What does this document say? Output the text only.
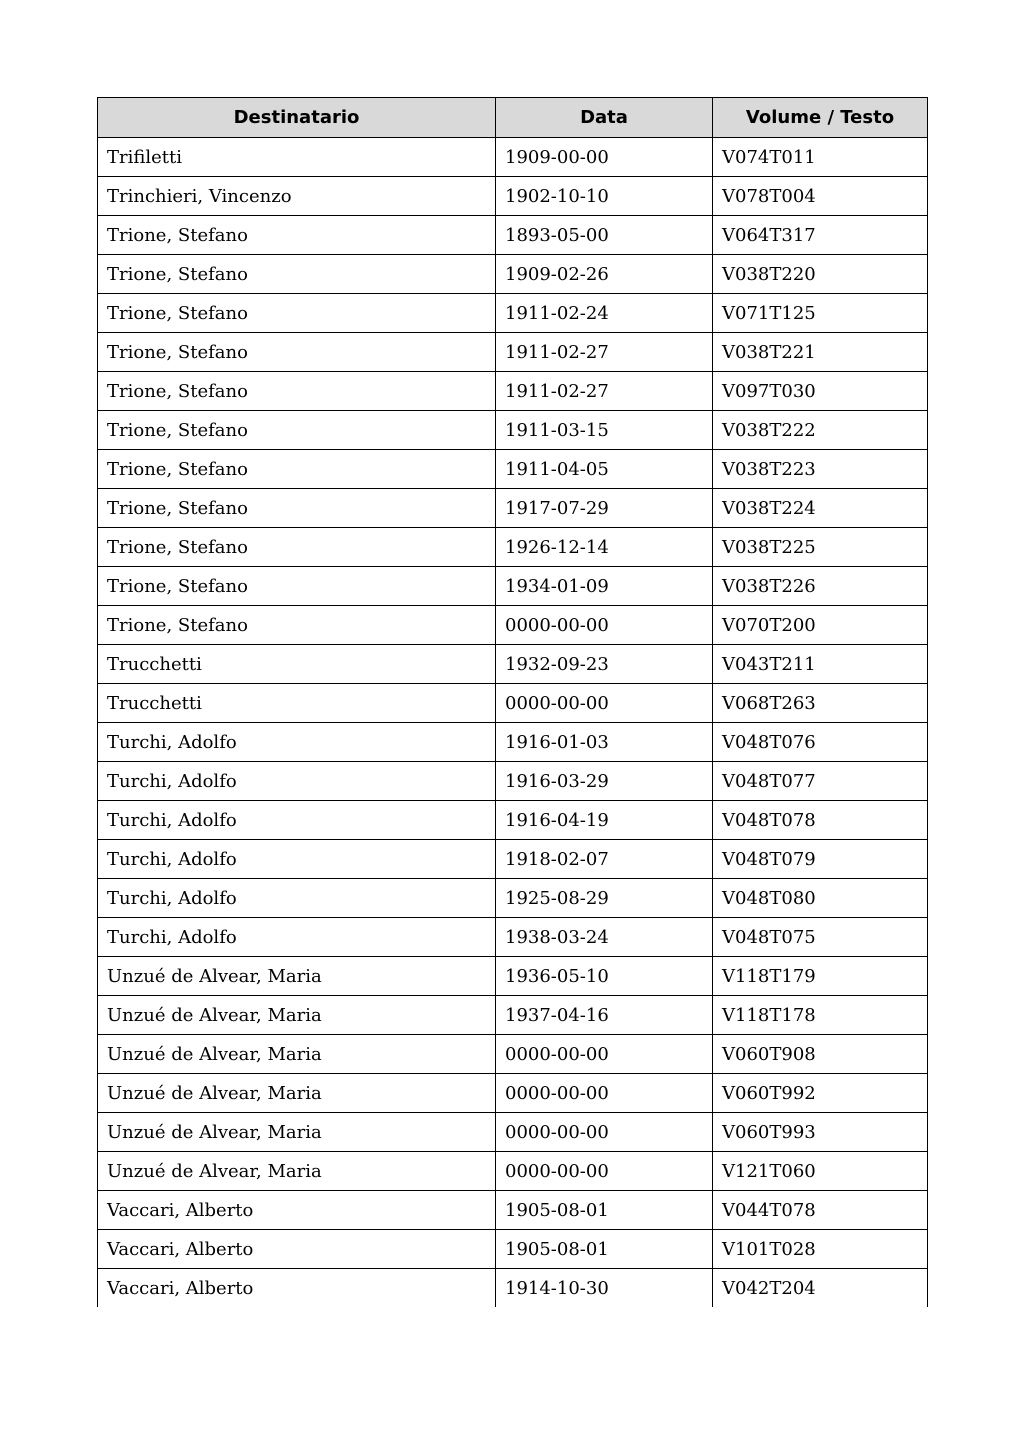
Destinatario	Data	Volume / Testo
Trifiletti	1909-00-00	V074T011
Trinchieri, Vincenzo	1902-10-10	V078T004
Trione, Stefano	1893-05-00	V064T317
Trione, Stefano	1909-02-26	V038T220
Trione, Stefano	1911-02-24	V071T125
Trione, Stefano	1911-02-27	V038T221
Trione, Stefano	1911-02-27	V097T030
Trione, Stefano	1911-03-15	V038T222
Trione, Stefano	1911-04-05	V038T223
Trione, Stefano	1917-07-29	V038T224
Trione, Stefano	1926-12-14	V038T225
Trione, Stefano	1934-01-09	V038T226
Trione, Stefano	0000-00-00	V070T200
Trucchetti	1932-09-23	V043T211
Trucchetti	0000-00-00	V068T263
Turchi, Adolfo	1916-01-03	V048T076
Turchi, Adolfo	1916-03-29	V048T077
Turchi, Adolfo	1916-04-19	V048T078
Turchi, Adolfo	1918-02-07	V048T079
Turchi, Adolfo	1925-08-29	V048T080
Turchi, Adolfo	1938-03-24	V048T075
Unzué de Alvear, Maria	1936-05-10	V118T179
Unzué de Alvear, Maria	1937-04-16	V118T178
Unzué de Alvear, Maria	0000-00-00	V060T908
Unzué de Alvear, Maria	0000-00-00	V060T992
Unzué de Alvear, Maria	0000-00-00	V060T993
Unzué de Alvear, Maria	0000-00-00	V121T060
Vaccari, Alberto	1905-08-01	V044T078
Vaccari, Alberto	1905-08-01	V101T028
Vaccari, Alberto	1914-10-30	V042T204
